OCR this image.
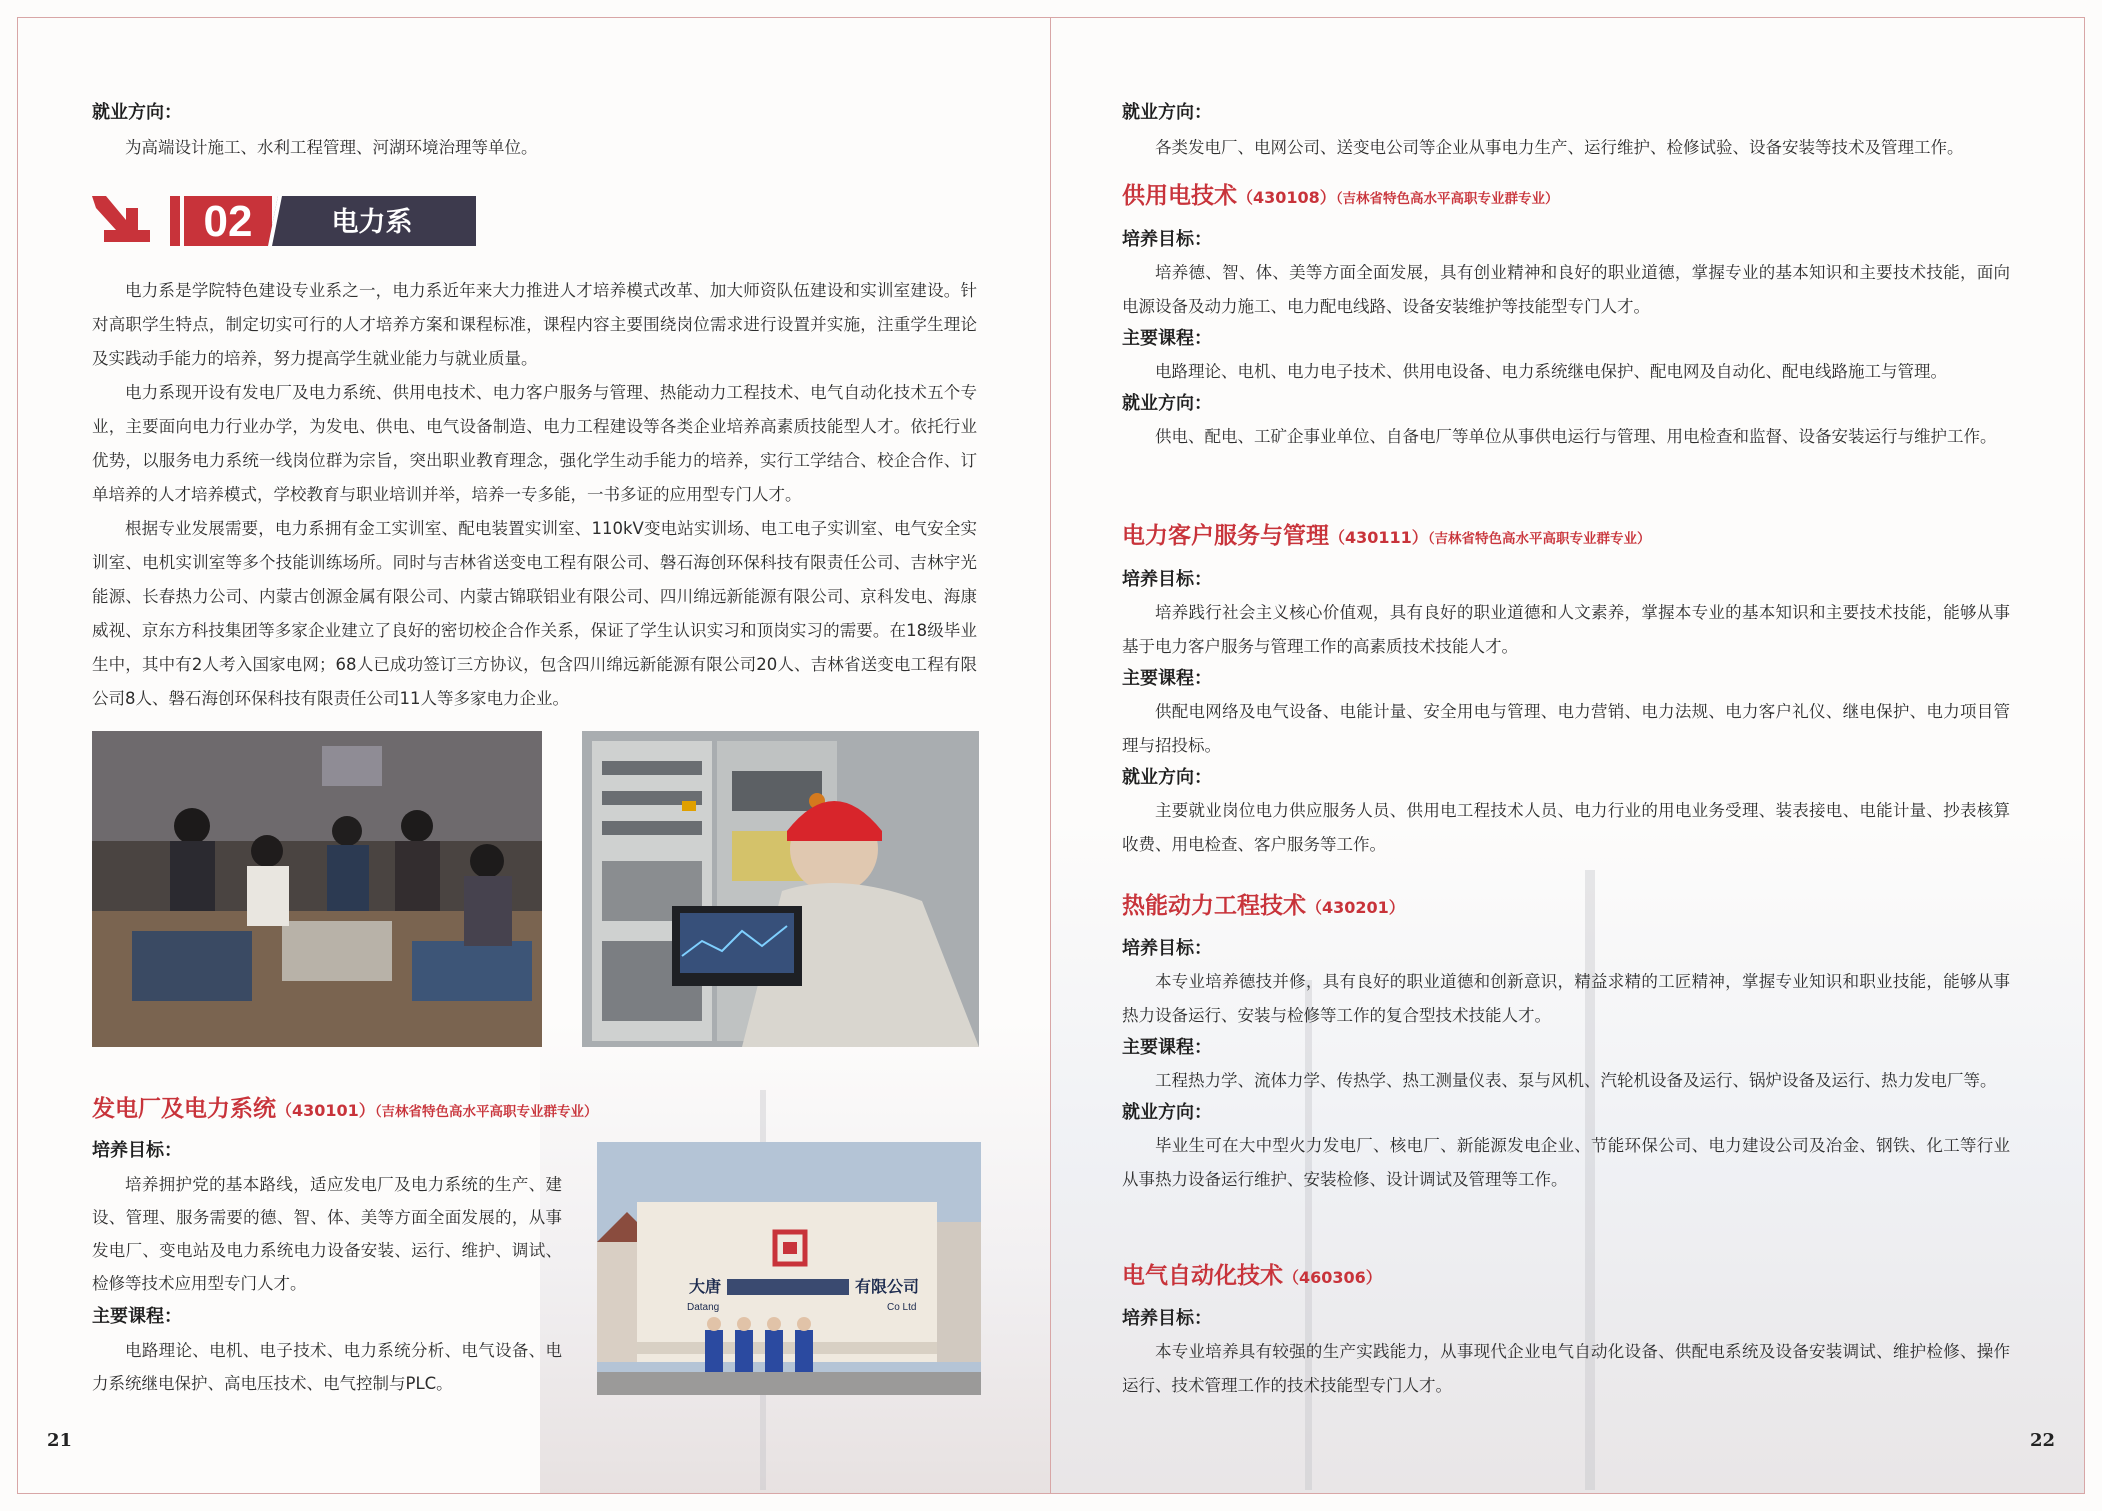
就业方向：

为高端设计施工、水利工程管理、河湖环境治理等单位。

02	电力系

电力系是学院特色建设专业系之一，电力系近年来大力推进人才培养模式改革、加大师资队伍建设和实训室建设。针对高职学生特点，制定切实可行的人才培养方案和课程标准，课程内容主要围绕岗位需求进行设置并实施，注重学生理论及实践动手能力的培养，努力提高学生就业能力与就业质量。

电力系现开设有发电厂及电力系统、供用电技术、电力客户服务与管理、热能动力工程技术、电气自动化技术五个专业，主要面向电力行业办学，为发电、供电、电气设备制造、电力工程建设等各类企业培养高素质技能型人才。依托行业优势，以服务电力系统一线岗位群为宗旨，突出职业教育理念，强化学生动手能力的培养，实行工学结合、校企合作、订单培养的人才培养模式，学校教育与职业培训并举，培养一专多能，一书多证的应用型专门人才。

根据专业发展需要，电力系拥有金工实训室、配电装置实训室、110kV变电站实训场、电工电子实训室、电气安全实训室、电机实训室等多个技能训练场所。同时与吉林省送变电工程有限公司、磐石海创环保科技有限责任公司、吉林宇光能源、长春热力公司、内蒙古创源金属有限公司、内蒙古锦联铝业有限公司、四川绵远新能源有限公司、京科发电、海康威视、京东方科技集团等多家企业建立了良好的密切校企合作关系，保证了学生认识实习和顶岗实习的需要。在18级毕业生中，其中有2人考入国家电网；68人已成功签订三方协议，包含四川绵远新能源有限公司20人、吉林省送变电工程有限公司8人、磐石海创环保科技有限责任公司11人等多家电力企业。

发电厂及电力系统（430101）（吉林省特色高水平高职专业群专业）

培养目标：

培养拥护党的基本路线，适应发电厂及电力系统的生产、建设、管理、服务需要的德、智、体、美等方面全面发展的，从事发电厂、变电站及电力系统电力设备安装、运行、维护、调试、检修等技术应用型专门人才。

主要课程：

电路理论、电机、电子技术、电力系统分析、电气设备、电力系统继电保护、高电压技术、电气控制与PLC。

大唐	有限公司
Datang	Co Ltd
21

就业方向：

各类发电厂、电网公司、送变电公司等企业从事电力生产、运行维护、检修试验、设备安装等技术及管理工作。

供用电技术（430108）（吉林省特色高水平高职专业群专业）

培养目标：

培养德、智、体、美等方面全面发展，具有创业精神和良好的职业道德，掌握专业的基本知识和主要技术技能，面向电源设备及动力施工、电力配电线路、设备安装维护等技能型专门人才。

主要课程：

电路理论、电机、电力电子技术、供用电设备、电力系统继电保护、配电网及自动化、配电线路施工与管理。

就业方向：

供电、配电、工矿企事业单位、自备电厂等单位从事供电运行与管理、用电检查和监督、设备安装运行与维护工作。

电力客户服务与管理（430111）（吉林省特色高水平高职专业群专业）

培养目标：

培养践行社会主义核心价值观，具有良好的职业道德和人文素养，掌握本专业的基本知识和主要技术技能，能够从事基于电力客户服务与管理工作的高素质技术技能人才。

主要课程：

供配电网络及电气设备、电能计量、安全用电与管理、电力营销、电力法规、电力客户礼仪、继电保护、电力项目管理与招投标。

就业方向：

主要就业岗位电力供应服务人员、供用电工程技术人员、电力行业的用电业务受理、装表接电、电能计量、抄表核算收费、用电检查、客户服务等工作。

热能动力工程技术（430201）

培养目标：

本专业培养德技并修，具有良好的职业道德和创新意识，精益求精的工匠精神，掌握专业知识和职业技能，能够从事热力设备运行、安装与检修等工作的复合型技术技能人才。

主要课程：

工程热力学、流体力学、传热学、热工测量仪表、泵与风机、汽轮机设备及运行、锅炉设备及运行、热力发电厂等。

就业方向：

毕业生可在大中型火力发电厂、核电厂、新能源发电企业、节能环保公司、电力建设公司及冶金、钢铁、化工等行业从事热力设备运行维护、安装检修、设计调试及管理等工作。

电气自动化技术（460306）

培养目标：

本专业培养具有较强的生产实践能力，从事现代企业电气自动化设备、供配电系统及设备安装调试、维护检修、操作运行、技术管理工作的技术技能型专门人才。

22
